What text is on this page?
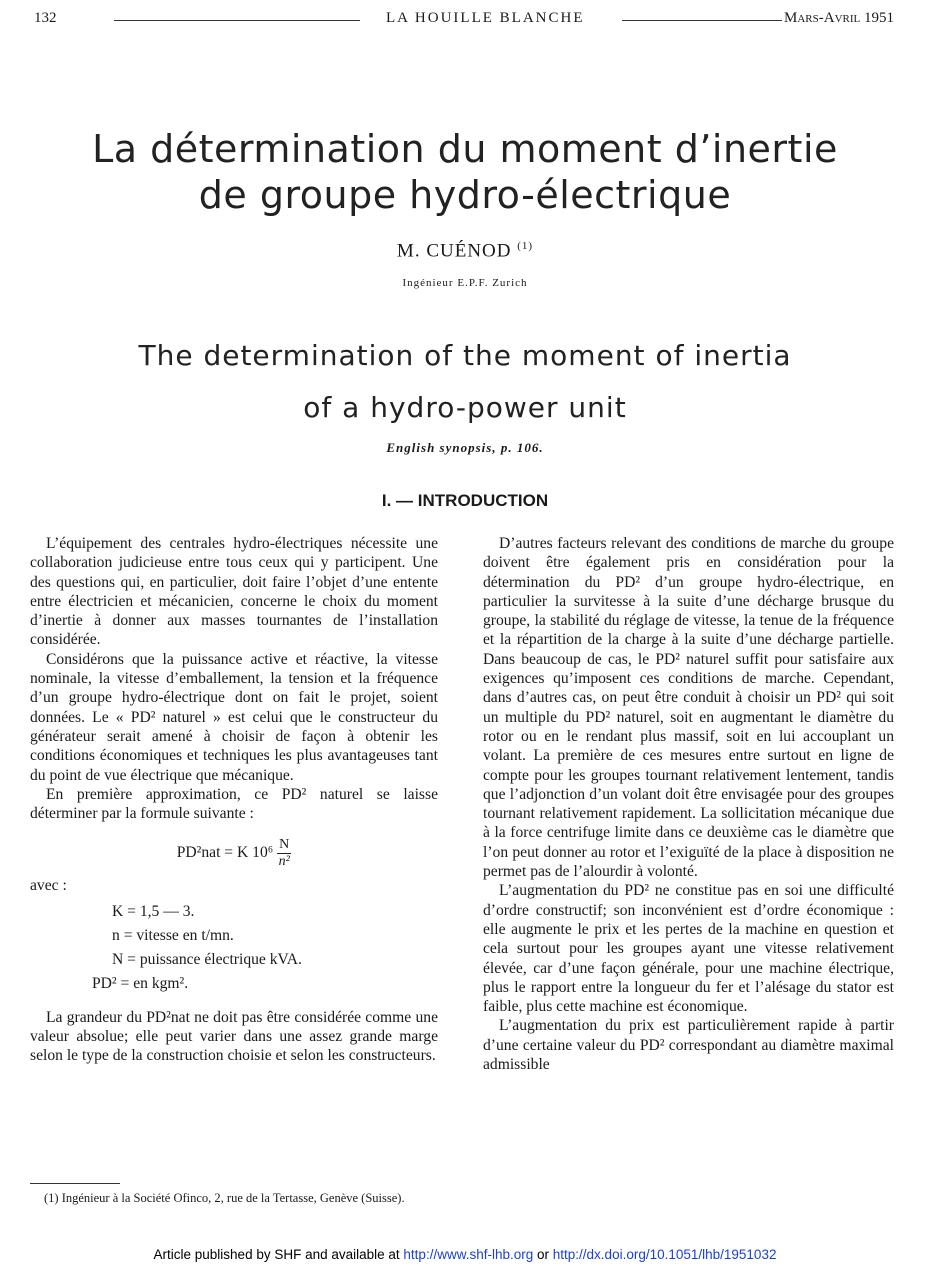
132	LA HOUILLE BLANCHE	Mars-Avril 1951
La détermination du moment d’inertie
de groupe hydro-électrique
M. CUÉNOD $^{(1)}$
Ingénieur E.P.F. Zurich
The determination of the moment of inertia
of a hydro-power unit
English synopsis, p. 106.
I. — INTRODUCTION

L’équipement des centrales hydro-électriques nécessite une collaboration judicieuse entre tous ceux qui y participent. Une des questions qui, en particulier, doit faire l’objet d’une entente entre électricien et mécanicien, concerne le choix du moment d’inertie à donner aux masses tournantes de l’installation considérée.

Considérons que la puissance active et réactive, la vitesse nominale, la vitesse d’emballement, la tension et la fréquence d’un groupe hydro-électrique dont on fait le projet, soient données. Le « PD² naturel » est celui que le constructeur du générateur serait amené à choisir de façon à obtenir les conditions économiques et techniques les plus avantageuses tant du point de vue électrique que mécanique.

En première approximation, ce PD² naturel se laisse déterminer par la formule suivante :

PD²nat = K $10^6 \frac{N}{\text{n²}}$
avec :
K = 1,5 — 3.
n = vitesse en t/mn.
N = puissance électrique kVA.
PD² = en kgm².

La grandeur du PD²nat ne doit pas être considérée comme une valeur absolue; elle peut varier dans une assez grande marge selon le type de la construction choisie et selon les constructeurs.

(1) Ingénieur à la Société Ofinco, 2, rue de la Tertasse, Genève (Suisse).

D’autres facteurs relevant des conditions de marche du groupe doivent être également pris en considération pour la détermination du PD² d’un groupe hydro-électrique, en particulier la survitesse à la suite d’une décharge brusque du groupe, la stabilité du réglage de vitesse, la tenue de la fréquence et la répartition de la charge à la suite d’une décharge partielle. Dans beaucoup de cas, le PD² naturel suffit pour satisfaire aux exigences qu’imposent ces conditions de marche. Cependant, dans d’autres cas, on peut être conduit à choisir un PD² qui soit un multiple du PD² naturel, soit en augmentant le diamètre du rotor ou en le rendant plus massif, soit en lui accouplant un volant. La première de ces mesures entre surtout en ligne de compte pour les groupes tournant relativement lentement, tandis que l’adjonction d’un volant doit être envisagée pour des groupes tournant relativement rapidement. La sollicitation mécanique due à la force centrifuge limite dans ce deuxième cas le diamètre que l’on peut donner au rotor et l’exiguïté de la place à disposition ne permet pas de l’alourdir à volonté.

L’augmentation du PD² ne constitue pas en soi une difficulté d’ordre constructif; son inconvénient est d’ordre économique : elle augmente le prix et les pertes de la machine en question et cela surtout pour les groupes ayant une vitesse relativement élevée, car d’une façon générale, pour une machine électrique, plus le rapport entre la longueur du fer et l’alésage du stator est faible, plus cette machine est économique.

L’augmentation du prix est particulièrement rapide à partir d’une certaine valeur du PD² correspondant au diamètre maximal admissible

Article published by SHF and available at http://www.shf-lhb.org or http://dx.doi.org/10.1051/lhb/1951032
